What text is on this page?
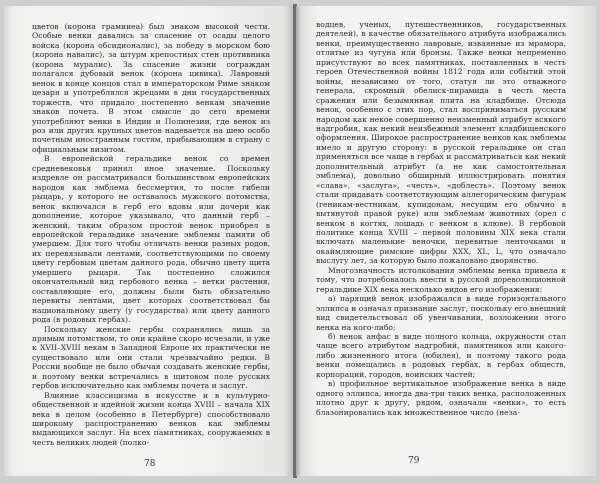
цветов (корона грамииеа) был знаком высокой чести. Особые венки давались за спасение от осады целого войска (корона обсидионалис), за победу в морском бою (корона навалис), за штурм крепостных стен противника (корона муралис). За спасение жизни сограждан полагался дубовый венок (корона цивика). Лавровый венок в конце концов стал в императорском Риме знаком цезаря и употреблялся жрецами в дни государственных торжеств, что придало постепенно венкам значение знаков почета. В этом смысле до сего времени употребляют венки в Индии и Полинезии, где венок из роз или других крупных цветов надевается на шею особо почетным иностранным гостям, прибывающим в страну с официальным визитом.

В европейской геральдике венок со времен средневековья принял иное значение. Поскольку издревле он рассматривался большинством европейских народов как эмблема бессмертия, то после гибели рыцарь, у которого не оставалось мужского потомства, венок включался в герб его вдовы или дочери как дополнение, которое указывало, что данный герб – женский, таким образом простой венок приобрел в европейской геральдике значение эмблемы памяти об умершем. Для того чтобы отличать венки разных родов, их перевязывали лентами, соответствующими по своему цвету гербовым цветам данного рода, обычно цвету щита умершего рыцаря. Так постепенно сложился окончательный вид гербового венка – ветки растения, составляющие его, должны были быть обязательно перевиты лентами, цвет которых соответствовал бы национальному цвету (у государства) или цвету данного рода (в родовых гербах).

Поскольку женские гербы сохранялись лишь за прямым потомством, то они крайне скоро исчезали, и уже к XVII–XVIII векам в Западной Европе их практически не существовало или они стали чрезвычайно редки. В России вообще не было обычая создавать женские гербы, и поэтому венки встречались в щитовом поле русских гербов исключительно как эмблемы почета и заслуг.

Влияние классицизма в искусстве и в культурно-общественной и идейной жизни конца XVIII – начала XIX века в целом (особенно в Петербурге) способствовало широкому распространению венков как эмблемы выдающихся заслуг. На всех памятниках, сооружаемых в честь великих людей (полко-

78

водцев, ученых, путешественников, государственных деятелей), в качестве обязательного атрибута изображались венки, преимущественно лавровые, изваянные из мрамора, отлитые из чугуна или бронзы. Также венки непременно присутствуют во всех памятниках, поставленных в честь героев Отечественной войны 1812 года или событий этой войны, независимо от того, статуя ли это отважного генерала, скромный обелиск-пирамида в честь места сражения или безымянная плита на кладбище. Отсюда венок, особенно с этих пор, стал восприниматься русским народом как некое совершенно неизменный атрибут всякого надгробия, как некий неизбежный элемент кладбищенского оформления. Широкое распространение венков как эмблемы имело и другую сторону: в русской геральдике он стал применяться все чаще в гербах и рассматриваться как некий дополнительный атрибут (а не как самостоятельная эмблема), довольно обширный иллюстрировать понятия «слава», «заслуга», «честь», «доблесть». Поэтому венок стали придавать соответствующим аллегорическим фигурам (геникам-вестникам, купидонам, несущим его обычно в вытянутой правой руке) или эмблемам животных (орел с венком в когтях, лошадь с венком в клюве). В гербовой политике конца XVIII – первой половины XIX века стали включать маленькие веночки, перевитые ленточками и окаймляющие римские цифры XXX, XL, L, что означало выслугу лет, за которую было пожаловано дворянство.

Многозначность истолкования эмблемы венка привела к тому, что потребовалось ввести в русской дореволюционной геральдике XIX века несколько видов его изображения:

а) парящий венок изображался в виде горизонтального эллипса и означал признание заслуг, поскольку его внешний вид свидетельствовал об увенчивании, возложении этого венка на кого-либо;

б) венок анфас в виде полного кольца, окружности стал чаще всего атрибутом надгробий, памятников или какого-либо жизненного итога (юбилея), и поэтому такого рода венки помещались в родовых гербах, в гербах обществ, корпораций, городов, воинских частей;

в) профильное вертикальное изображение венка в виде одного эллипса, иногда два-три таких венка, расположенных плотно друг к другу, рядом, означали «венки», то есть блазонировались как множественное число (неза-

79
